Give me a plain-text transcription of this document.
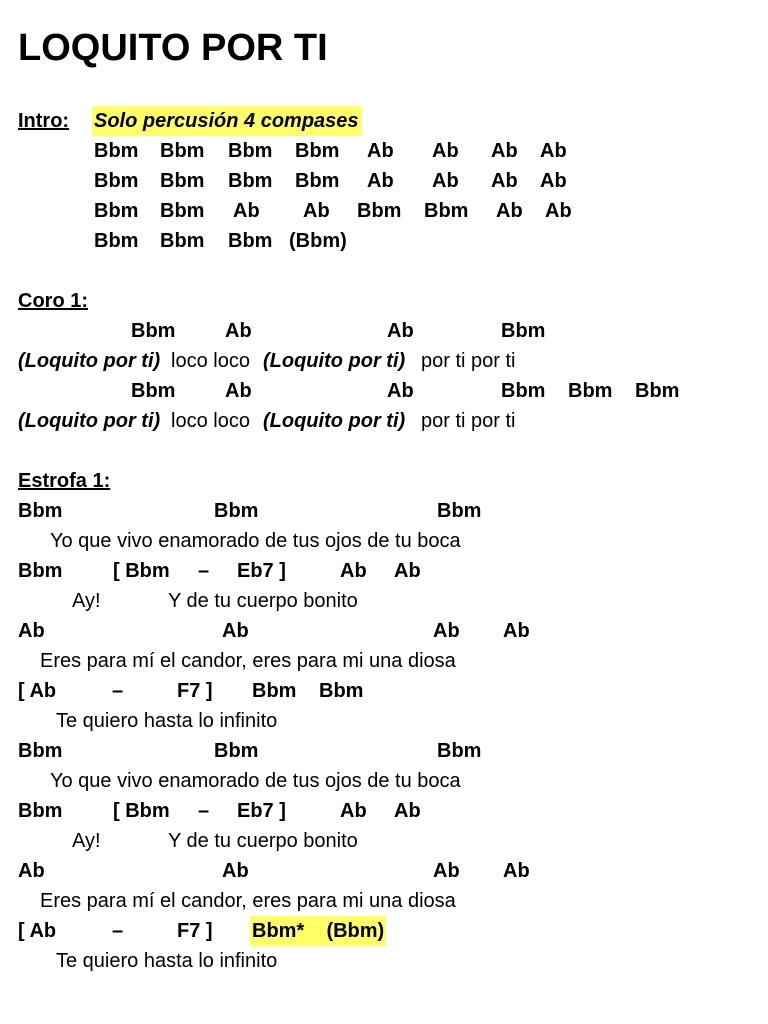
LOQUITO POR TI
Intro: Solo percusión 4 compases
Bbm Bbm Bbm Bbm Ab Ab Ab Ab
Bbm Bbm Bbm Bbm Ab Ab Ab Ab
Bbm Bbm Ab Ab Bbm Bbm Ab Ab
Bbm Bbm Bbm (Bbm)
Coro 1:
Bbm Ab	Ab	Bbm
(Loquito por ti) loco loco (Loquito por ti) por ti por ti
Bbm Ab	Ab	Bbm Bbm Bbm
(Loquito por ti) loco loco (Loquito por ti) por ti por ti
Estrofa 1:
Bbm	Bbm	Bbm
Yo que vivo enamorado de tus ojos de tu boca
Bbm	[ Bbm – Eb7 ]	Ab Ab
Ay!	Y de tu cuerpo bonito
Ab	Ab	Ab Ab
Eres para mí el candor, eres para mi una diosa
[ Ab	–	F7 ] Bbm Bbm
Te quiero hasta lo infinito
Bbm	Bbm	Bbm
Yo que vivo enamorado de tus ojos de tu boca
Bbm	[ Bbm – Eb7 ]	Ab Ab
Ay!	Y de tu cuerpo bonito
Ab	Ab	Ab Ab
Eres para mí el candor, eres para mi una diosa
[ Ab	–	F7 ] Bbm*    (Bbm)
Te quiero hasta lo infinito
